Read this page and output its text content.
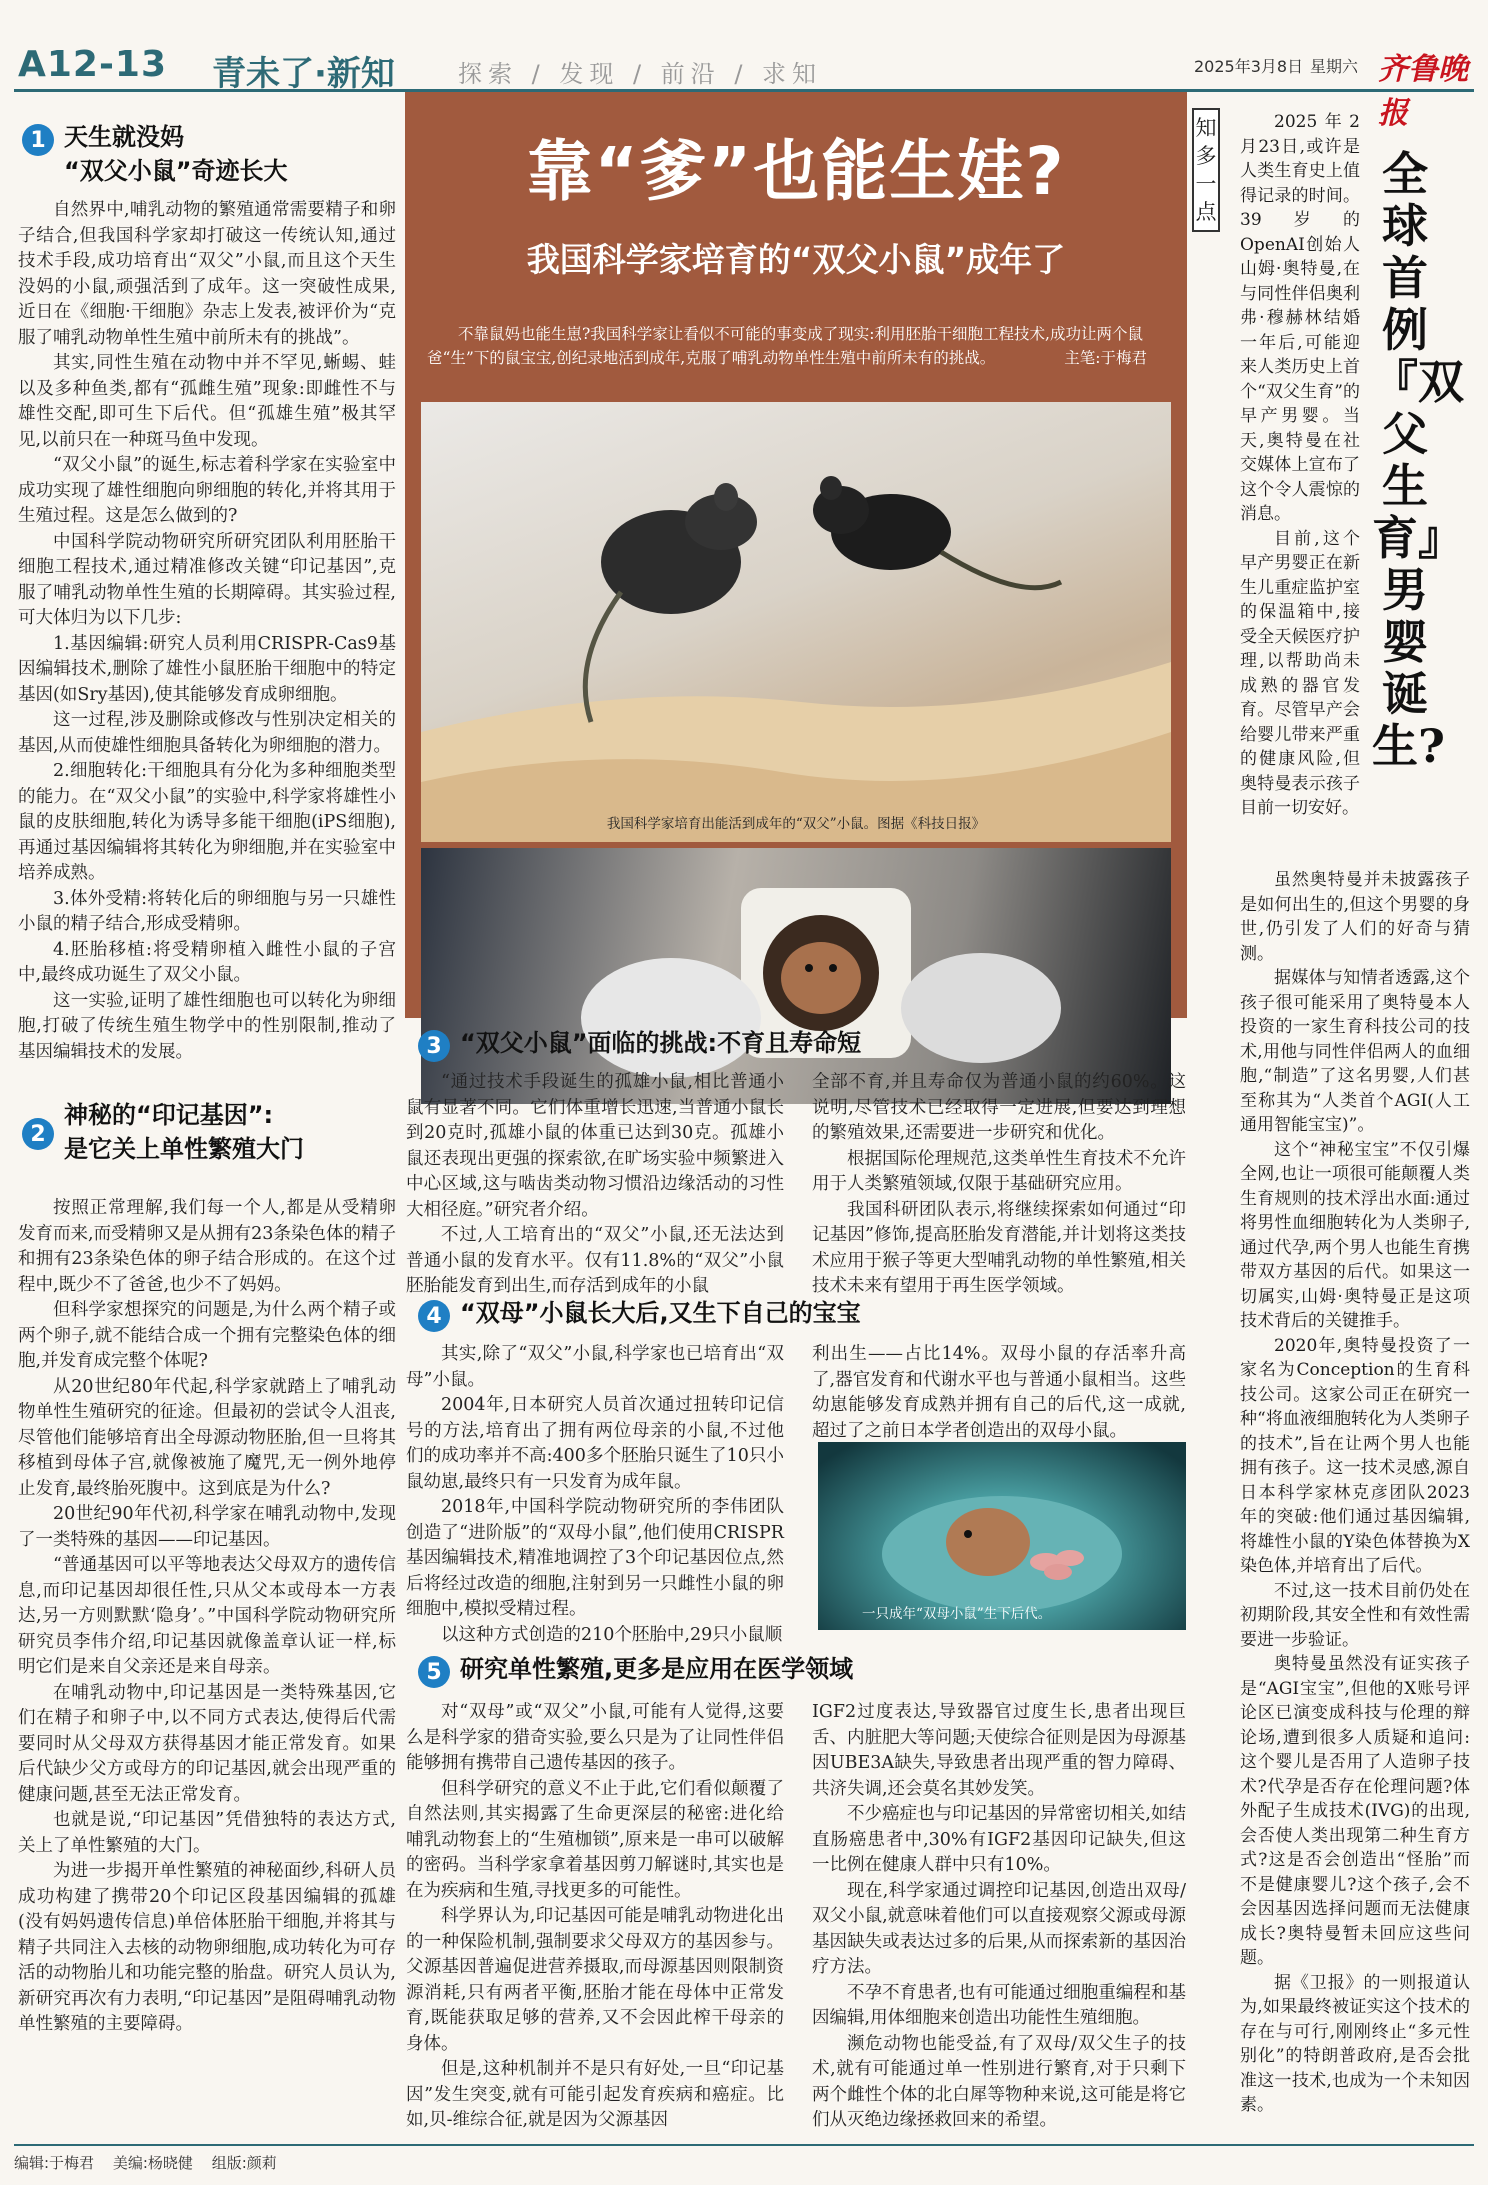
A12-13 青未了·新知	探索 / 发现 / 前沿 / 求知	2025年3月8日 星期六 齐鲁晚报
1 天生就没妈
“双父小鼠”奇迹长大

自然界中,哺乳动物的繁殖通常需要精子和卵子结合,但我国科学家却打破这一传统认知,通过技术手段,成功培育出“双父”小鼠,而且这个天生没妈的小鼠,顽强活到了成年。这一突破性成果,近日在《细胞·干细胞》杂志上发表,被评价为“克服了哺乳动物单性生殖中前所未有的挑战”。

其实,同性生殖在动物中并不罕见,蜥蜴、蛙以及多种鱼类,都有“孤雌生殖”现象:即雌性不与雄性交配,即可生下后代。但“孤雄生殖”极其罕见,以前只在一种斑马鱼中发现。

“双父小鼠”的诞生,标志着科学家在实验室中成功实现了雄性细胞向卵细胞的转化,并将其用于生殖过程。这是怎么做到的?

中国科学院动物研究所研究团队利用胚胎干细胞工程技术,通过精准修改关键“印记基因”,克服了哺乳动物单性生殖的长期障碍。其实验过程,可大体归为以下几步:

1.基因编辑:研究人员利用CRISPR-Cas9基因编辑技术,删除了雄性小鼠胚胎干细胞中的特定基因(如Sry基因),使其能够发育成卵细胞。

这一过程,涉及删除或修改与性别决定相关的基因,从而使雄性细胞具备转化为卵细胞的潜力。

2.细胞转化:干细胞具有分化为多种细胞类型的能力。在“双父小鼠”的实验中,科学家将雄性小鼠的皮肤细胞,转化为诱导多能干细胞(iPS细胞),再通过基因编辑将其转化为卵细胞,并在实验室中培养成熟。

3.体外受精:将转化后的卵细胞与另一只雄性小鼠的精子结合,形成受精卵。

4.胚胎移植:将受精卵植入雌性小鼠的子宫中,最终成功诞生了双父小鼠。

这一实验,证明了雄性细胞也可以转化为卵细胞,打破了传统生殖生物学中的性别限制,推动了基因编辑技术的发展。

2
神秘的“印记基因”:
是它关上单性繁殖大门

按照正常理解,我们每一个人,都是从受精卵发育而来,而受精卵又是从拥有23条染色体的精子和拥有23条染色体的卵子结合形成的。在这个过程中,既少不了爸爸,也少不了妈妈。

但科学家想探究的问题是,为什么两个精子或两个卵子,就不能结合成一个拥有完整染色体的细胞,并发育成完整个体呢?

从20世纪80年代起,科学家就踏上了哺乳动物单性生殖研究的征途。但最初的尝试令人沮丧,尽管他们能够培育出全母源动物胚胎,但一旦将其移植到母体子宫,就像被施了魔咒,无一例外地停止发育,最终胎死腹中。这到底是为什么?

20世纪90年代初,科学家在哺乳动物中,发现了一类特殊的基因——印记基因。

“普通基因可以平等地表达父母双方的遗传信息,而印记基因却很任性,只从父本或母本一方表达,另一方则默默‘隐身’。”中国科学院动物研究所研究员李伟介绍,印记基因就像盖章认证一样,标明它们是来自父亲还是来自母亲。

在哺乳动物中,印记基因是一类特殊基因,它们在精子和卵子中,以不同方式表达,使得后代需要同时从父母双方获得基因才能正常发育。如果后代缺少父方或母方的印记基因,就会出现严重的健康问题,甚至无法正常发育。

也就是说,“印记基因”凭借独特的表达方式,关上了单性繁殖的大门。

为进一步揭开单性繁殖的神秘面纱,科研人员成功构建了携带20个印记区段基因编辑的孤雄(没有妈妈遗传信息)单倍体胚胎干细胞,并将其与精子共同注入去核的动物卵细胞,成功转化为可存活的动物胎儿和功能完整的胎盘。研究人员认为,新研究再次有力表明,“印记基因”是阻碍哺乳动物单性繁殖的主要障碍。

靠“爹”也能生娃?
我国科学家培育的“双父小鼠”成年了
不靠鼠妈也能生崽?我国科学家让看似不可能的事变成了现实:利用胚胎干细胞工程技术,成功让两个鼠爸“生”下的鼠宝宝,创纪录地活到成年,克服了哺乳动物单性生殖中前所未有的挑战。	主笔:于梅君
我国科学家培育出能活到成年的“双父”小鼠。图据《科技日报》
3 “双父小鼠”面临的挑战:不育且寿命短

“通过技术手段诞生的孤雄小鼠,相比普通小鼠有显著不同。它们体重增长迅速,当普通小鼠长到20克时,孤雄小鼠的体重已达到30克。孤雄小鼠还表现出更强的探索欲,在旷场实验中频繁进入中心区域,这与啮齿类动物习惯沿边缘活动的习性大相径庭。”研究者介绍。

不过,人工培育出的“双父”小鼠,还无法达到普通小鼠的发育水平。仅有11.8%的“双父”小鼠胚胎能发育到出生,而存活到成年的小鼠

全部不育,并且寿命仅为普通小鼠的约60%。这说明,尽管技术已经取得一定进展,但要达到理想的繁殖效果,还需要进一步研究和优化。

根据国际伦理规范,这类单性生育技术不允许用于人类繁殖领域,仅限于基础研究应用。

我国科研团队表示,将继续探索如何通过“印记基因”修饰,提高胚胎发育潜能,并计划将这类技术应用于猴子等更大型哺乳动物的单性繁殖,相关技术未来有望用于再生医学领域。

4 “双母”小鼠长大后,又生下自己的宝宝

其实,除了“双父”小鼠,科学家也已培育出“双母”小鼠。

2004年,日本研究人员首次通过扭转印记信号的方法,培育出了拥有两位母亲的小鼠,不过他们的成功率并不高:400多个胚胎只诞生了10只小鼠幼崽,最终只有一只发育为成年鼠。

2018年,中国科学院动物研究所的李伟团队创造了“进阶版”的“双母小鼠”,他们使用CRISPR基因编辑技术,精准地调控了3个印记基因位点,然后将经过改造的细胞,注射到另一只雌性小鼠的卵细胞中,模拟受精过程。

以这种方式创造的210个胚胎中,29只小鼠顺

利出生——占比14%。双母小鼠的存活率升高了,器官发育和代谢水平也与普通小鼠相当。这些幼崽能够发育成熟并拥有自己的后代,这一成就,超过了之前日本学者创造出的双母小鼠。

一只成年“双母小鼠”生下后代。
5 研究单性繁殖,更多是应用在医学领域

对“双母”或“双父”小鼠,可能有人觉得,这要么是科学家的猎奇实验,要么只是为了让同性伴侣能够拥有携带自己遗传基因的孩子。

但科学研究的意义不止于此,它们看似颠覆了自然法则,其实揭露了生命更深层的秘密:进化给哺乳动物套上的“生殖枷锁”,原来是一串可以破解的密码。当科学家拿着基因剪刀解谜时,其实也是在为疾病和生殖,寻找更多的可能性。

科学界认为,印记基因可能是哺乳动物进化出的一种保险机制,强制要求父母双方的基因参与。父源基因普遍促进营养摄取,而母源基因则限制资源消耗,只有两者平衡,胚胎才能在母体中正常发育,既能获取足够的营养,又不会因此榨干母亲的身体。

但是,这种机制并不是只有好处,一旦“印记基因”发生突变,就有可能引起发育疾病和癌症。比如,贝-维综合征,就是因为父源基因

IGF2过度表达,导致器官过度生长,患者出现巨舌、内脏肥大等问题;天使综合征则是因为母源基因UBE3A缺失,导致患者出现严重的智力障碍、共济失调,还会莫名其妙发笑。

不少癌症也与印记基因的异常密切相关,如结直肠癌患者中,30%有IGF2基因印记缺失,但这一比例在健康人群中只有10%。

现在,科学家通过调控印记基因,创造出双母/双父小鼠,就意味着他们可以直接观察父源或母源基因缺失或表达过多的后果,从而探索新的基因治疗方法。

不孕不育患者,也有可能通过细胞重编程和基因编辑,用体细胞来创造出功能性生殖细胞。

濒危动物也能受益,有了双母/双父生子的技术,就有可能通过单一性别进行繁育,对于只剩下两个雌性个体的北白犀等物种来说,这可能是将它们从灭绝边缘拯救回来的希望。

知多一点

2025年2月23日,或许是人类生育史上值得记录的时间。39岁的OpenAI创始人山姆·奥特曼,在与同性伴侣奥利弗·穆赫林结婚一年后,可能迎来人类历史上首个“双父生育”的早产男婴。当天,奥特曼在社交媒体上宣布了这个令人震惊的消息。

目前,这个早产男婴正在新生儿重症监护室的保温箱中,接受全天候医疗护理,以帮助尚未成熟的器官发育。尽管早产会给婴儿带来严重的健康风险,但奥特曼表示孩子目前一切安好。

全球首例『双父生育』男婴诞生?

虽然奥特曼并未披露孩子是如何出生的,但这个男婴的身世,仍引发了人们的好奇与猜测。

据媒体与知情者透露,这个孩子很可能采用了奥特曼本人投资的一家生育科技公司的技术,用他与同性伴侣两人的血细胞,“制造”了这名男婴,人们甚至称其为“人类首个AGI(人工通用智能宝宝)”。

这个“神秘宝宝”不仅引爆全网,也让一项很可能颠覆人类生育规则的技术浮出水面:通过将男性血细胞转化为人类卵子,通过代孕,两个男人也能生育携带双方基因的后代。如果这一切属实,山姆·奥特曼正是这项技术背后的关键推手。

2020年,奥特曼投资了一家名为Conception的生育科技公司。这家公司正在研究一种“将血液细胞转化为人类卵子的技术”,旨在让两个男人也能拥有孩子。这一技术灵感,源自日本科学家林克彦团队2023年的突破:他们通过基因编辑,将雄性小鼠的Y染色体替换为X染色体,并培育出了后代。

不过,这一技术目前仍处在初期阶段,其安全性和有效性需要进一步验证。

奥特曼虽然没有证实孩子是“AGI宝宝”,但他的X账号评论区已演变成科技与伦理的辩论场,遭到很多人质疑和追问:这个婴儿是否用了人造卵子技术?代孕是否存在伦理问题?体外配子生成技术(IVG)的出现,会否使人类出现第二种生育方式?这是否会创造出“怪胎”而不是健康婴儿?这个孩子,会不会因基因选择问题而无法健康成长?奥特曼暂未回应这些问题。

据《卫报》的一则报道认为,如果最终被证实这个技术的存在与可行,刚刚终止“多元性别化”的特朗普政府,是否会批准这一技术,也成为一个未知因素。

编辑:于梅君 美编:杨晓健 组版:颜莉
